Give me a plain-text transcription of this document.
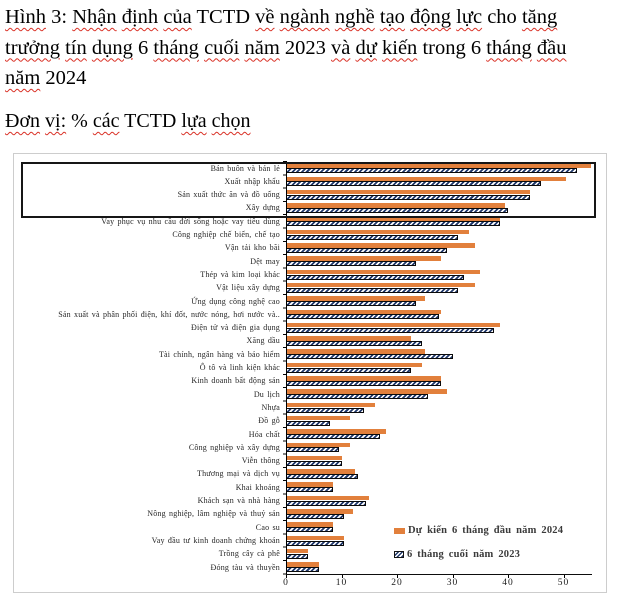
Hình 3: Nhận định của TCTD về ngành nghề tạo động lực cho tăng
trưởng tín dụng 6 tháng cuối năm 2023 và dự kiến trong 6 tháng đầu
năm 2024
Đơn vị: % các TCTD lựa chọn
Bán buôn và bán lẻ
Xuất nhập khẩu
Sản xuất thức ăn và đồ uống
Xây dựng
Vay phục vụ nhu cầu đời sống hoặc vay tiêu dùng
Công nghiệp chế biến, chế tạo
Vận tải kho bãi
Dệt may
Thép và kim loại khác
Vật liệu xây dựng
Ứng dụng công nghệ cao
Sản xuất và phân phối điện, khí đốt, nước nóng, hơi nước và..
Điện tử và điện gia dụng
Xăng dầu
Tài chính, ngân hàng và bảo hiểm
Ô tô và linh kiện khác
Kinh doanh bất động sản
Du lịch
Nhựa
Đồ gỗ
Hóa chất
Công nghiệp và xây dựng
Viễn thông
Thương mại và dịch vụ
Khai khoáng
Khách sạn và nhà hàng
Nông nghiệp, lâm nghiệp và thuỷ sản
Cao su
Vay đầu tư kinh doanh chứng khoán
Trồng cây cà phê
Đóng tàu và thuyền
0	10	20	30	40	50
Dự kiến 6 tháng đầu năm 2024
6 tháng cuối năm 2023
